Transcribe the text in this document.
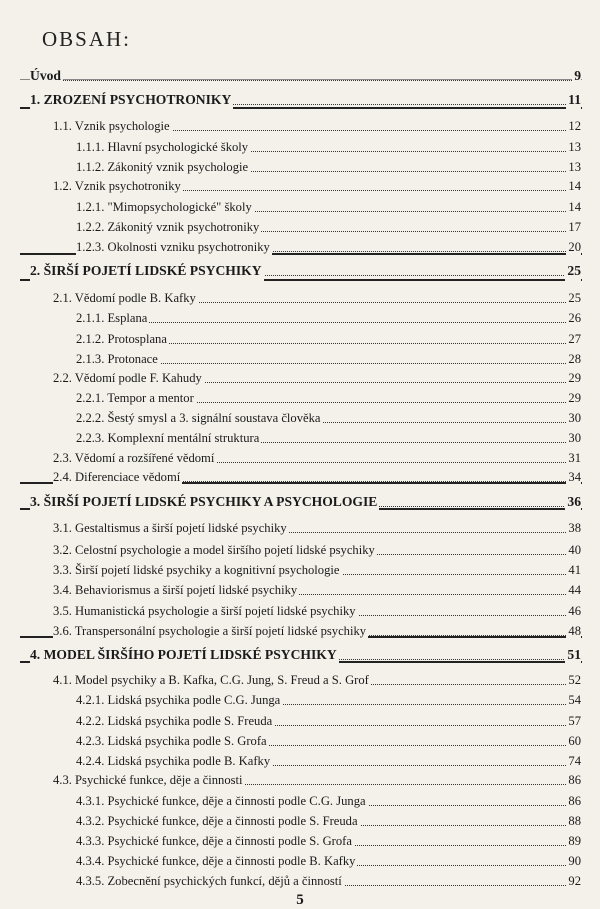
OBSAH:
Úvod	9
1. ZROZENÍ PSYCHOTRONIKY	11
1.1. Vznik psychologie	12
1.1.1. Hlavní psychologické školy	13
1.1.2. Zákonitý vznik psychologie	13
1.2. Vznik psychotroniky	14
1.2.1. "Mimopsychologické" školy	14
1.2.2. Zákonitý vznik psychotroniky	17
1.2.3. Okolnosti vzniku psychotroniky	20
2. ŠIRŠÍ POJETÍ LIDSKÉ PSYCHIKY	25
2.1. Vědomí podle B. Kafky	25
2.1.1. Esplana	26
2.1.2. Protosplana	27
2.1.3. Protonace	28
2.2. Vědomí podle F. Kahudy	29
2.2.1. Tempor a mentor	29
2.2.2. Šestý smysl a 3. signální soustava člověka	30
2.2.3. Komplexní mentální struktura	30
2.3. Vědomí a rozšířené vědomí	31
2.4. Diferenciace vědomí	34
3. ŠIRŠÍ POJETÍ LIDSKÉ PSYCHIKY A PSYCHOLOGIE	36
3.1. Gestaltismus a širší pojetí lidské psychiky	38
3.2. Celostní psychologie a model širšího pojetí lidské psychiky	40
3.3. Širší pojetí lidské psychiky a kognitivní psychologie	41
3.4. Behaviorismus a širší pojetí lidské psychiky	44
3.5. Humanistická psychologie a širší pojetí lidské psychiky	46
3.6. Transpersonální psychologie a širší pojetí lidské psychiky	48
4. MODEL ŠIRŠÍHO POJETÍ LIDSKÉ PSYCHIKY	51
4.1. Model psychiky a B. Kafka, C.G. Jung, S. Freud a S. Grof	52
4.2.1. Lidská psychika podle C.G. Junga	54
4.2.2. Lidská psychika podle S. Freuda	57
4.2.3. Lidská psychika podle S. Grofa	60
4.2.4. Lidská psychika podle B. Kafky	74
4.3. Psychické funkce, děje a činnosti	86
4.3.1. Psychické funkce, děje a činnosti podle C.G. Junga	86
4.3.2. Psychické funkce, děje a činnosti podle S. Freuda	88
4.3.3. Psychické funkce, děje a činnosti podle S. Grofa	89
4.3.4. Psychické funkce, děje a činnosti podle B. Kafky	90
4.3.5. Zobecnění psychických funkcí, dějů a činností	92
5
